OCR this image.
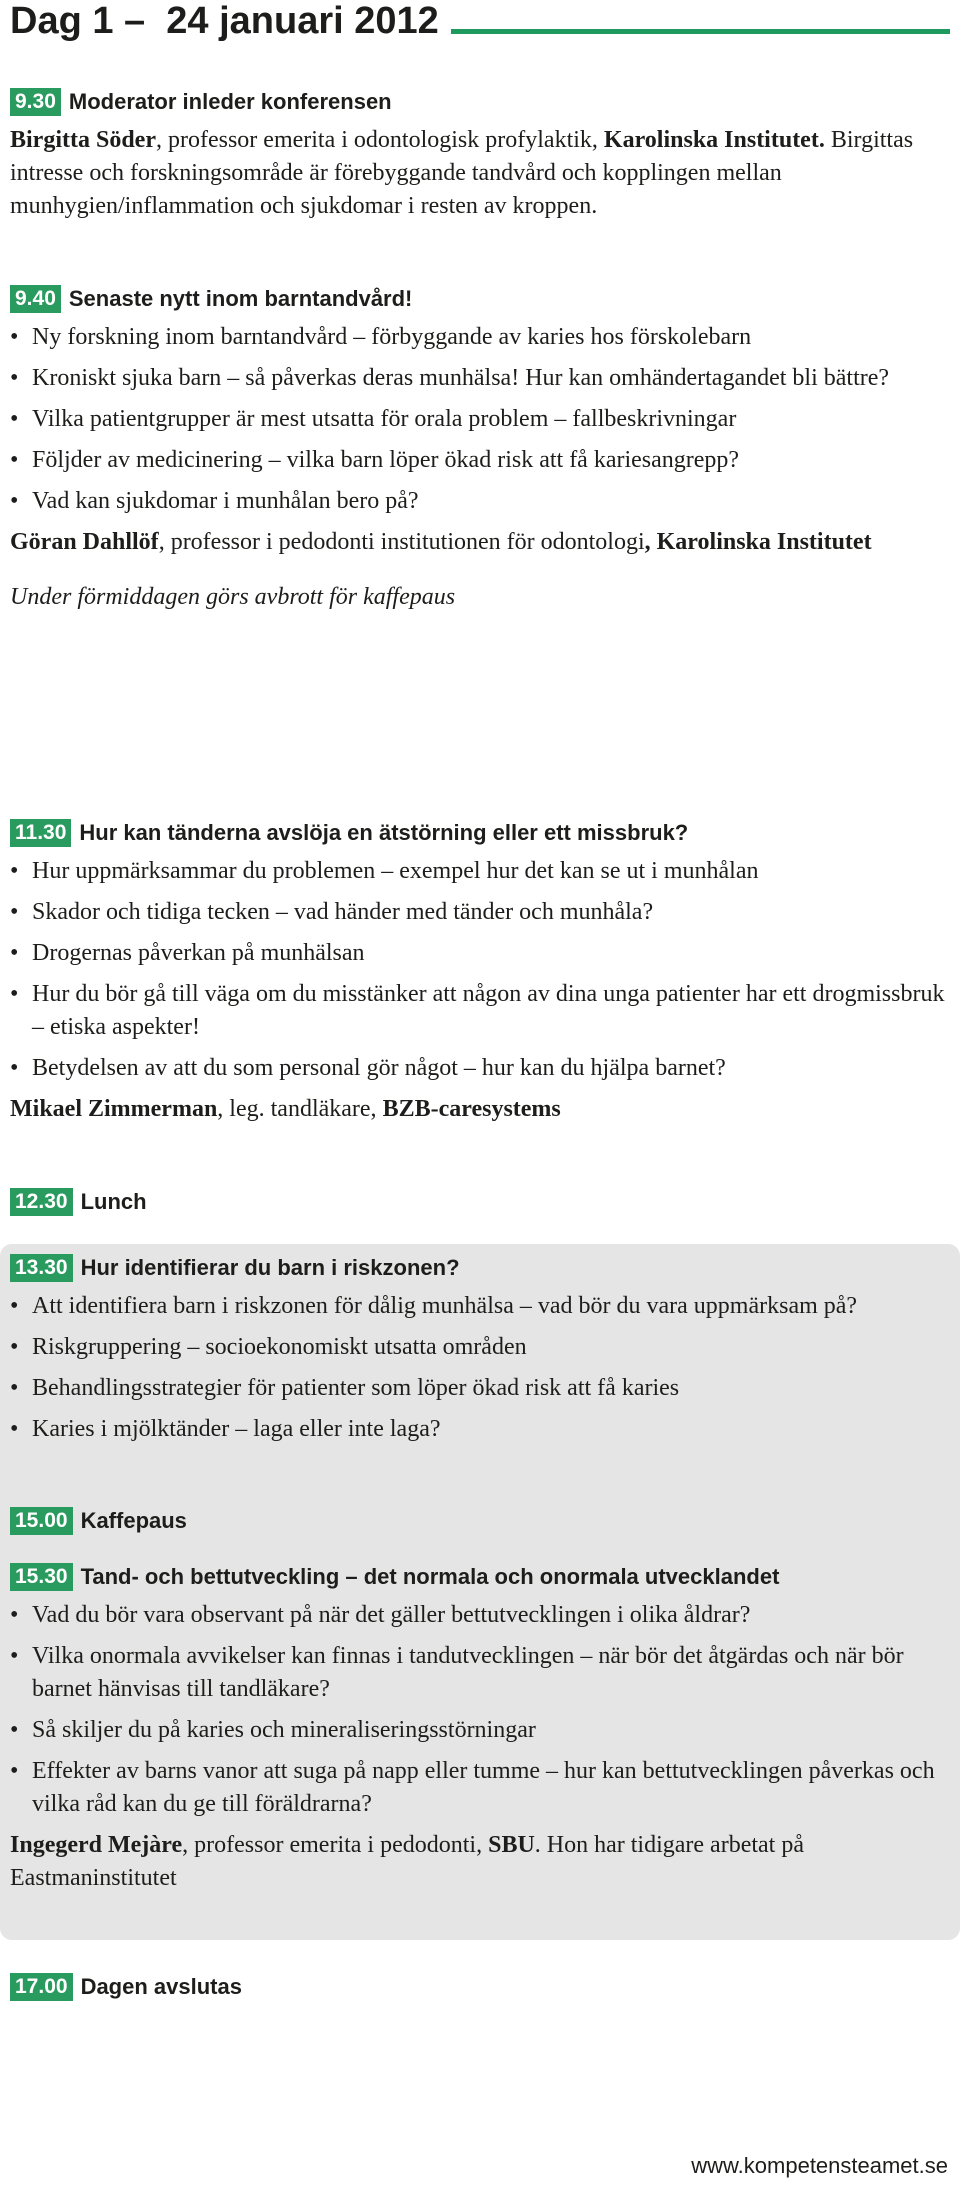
Dag 1 –  24 januari 2012
9.30 Moderator inleder konferensen

Birgitta Söder, professor emerita i odontologisk profylaktik, Karolinska Institutet. Birgittas intresse och forskningsområde är förebyggande tandvård och kopplingen mellan munhygien/inflammation och sjukdomar i resten av kroppen.

9.40 Senaste nytt inom barntandvård!
• Ny forskning inom barntandvård – förbyggande av karies hos förskolebarn
• Kroniskt sjuka barn – så påverkas deras munhälsa! Hur kan omhändertagandet bli bättre?
• Vilka patientgrupper är mest utsatta för orala problem – fallbeskrivningar
• Följder av medicinering – vilka barn löper ökad risk att få kariesangrepp?
• Vad kan sjukdomar i munhålan bero på?

Göran Dahllöf, professor i pedodonti institutionen för odontologi, Karolinska Institutet

Under förmiddagen görs avbrott för kaffepaus

11.30 Hur kan tänderna avslöja en ätstörning eller ett missbruk?
• Hur uppmärksammar du problemen – exempel hur det kan se ut i munhålan
• Skador och tidiga tecken – vad händer med tänder och munhåla?
• Drogernas påverkan på munhälsan
• Hur du bör gå till väga om du misstänker att någon av dina unga patienter har ett drogmissbruk – etiska aspekter!
• Betydelsen av att du som personal gör något – hur kan du hjälpa barnet?

Mikael Zimmerman, leg. tandläkare, BZB-caresystems

12.30 Lunch
13.30 Hur identifierar du barn i riskzonen?
• Att identifiera barn i riskzonen för dålig munhälsa – vad bör du vara uppmärksam på?
• Riskgruppering – socioekonomiskt utsatta områden
• Behandlingsstrategier för patienter som löper ökad risk att få karies
• Karies i mjölktänder – laga eller inte laga?
15.00 Kaffepaus
15.30 Tand- och bettutveckling – det normala och onormala utvecklandet
• Vad du bör vara observant på när det gäller bettutvecklingen i olika åldrar?
• Vilka onormala avvikelser kan finnas i tandutvecklingen – när bör det åtgärdas och när bör barnet hänvisas till tandläkare?
• Så skiljer du på karies och mineraliseringsstörningar
• Effekter av barns vanor att suga på napp eller tumme – hur kan bettutvecklingen påverkas och vilka råd kan du ge till föräldrarna?

Ingegerd Mejàre, professor emerita i pedodonti, SBU. Hon har tidigare arbetat på Eastmaninstitutet

17.00 Dagen avslutas
www.kompetensteamet.se
